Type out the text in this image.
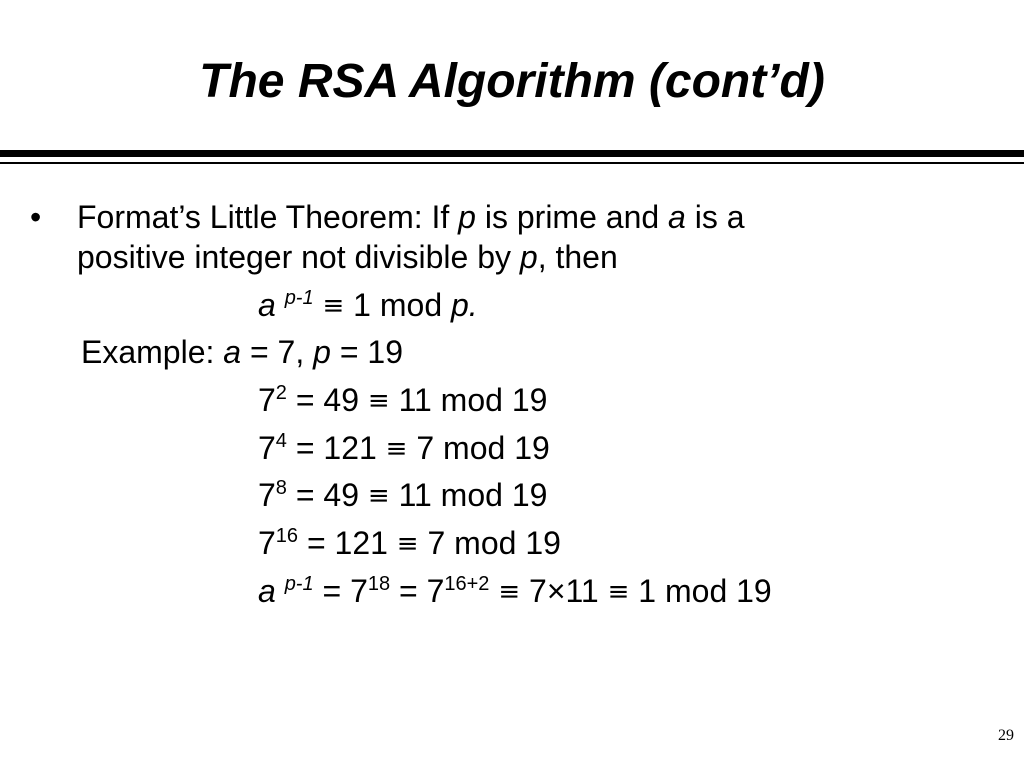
The RSA Algorithm (cont’d)
• Format’s Little Theorem: If p is prime and a is a
positive integer not divisible by p, then
a $^{p-1}$ ≡ 1 mod p.
Example: a = 7, p = 19
$7^2 = 49 \equiv 11$ mod 19
$7^4 = 121 \equiv 7$ mod 19
$7^8 = 49 \equiv 11$ mod 19
$7^{16} = 121 \equiv 7$ mod 19
a $^{p-1} = 7^{18} = 7^{16+2} \equiv 7\times 11 \equiv 1$ mod 19
29
